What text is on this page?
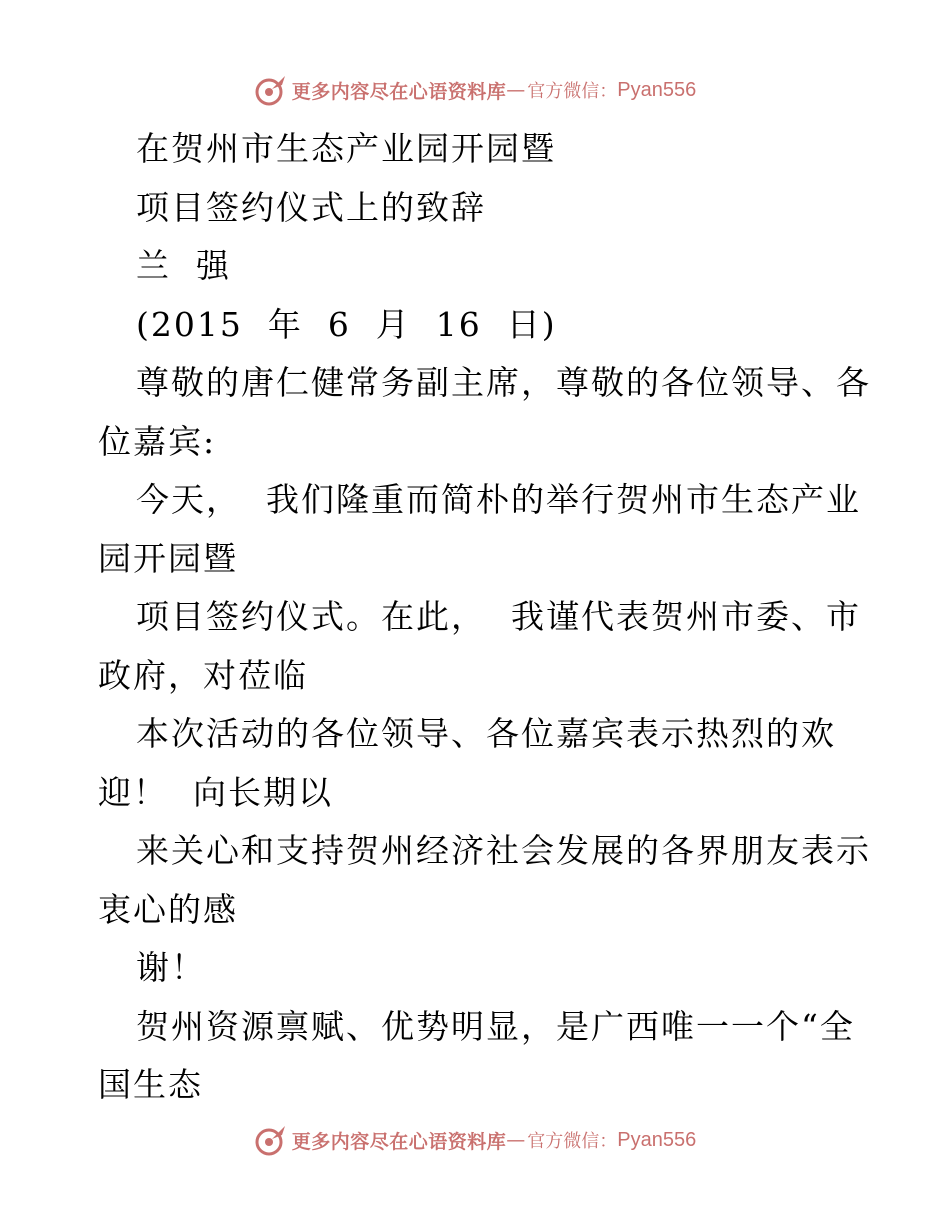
更多内容尽在心语资料库 — 官方微信： Pyan556
在贺州市生态产业园开园暨
项目签约仪式上的致辞
兰  强
(2015  年  6  月  16  日)
尊敬的唐仁健常务副主席，尊敬的各位领导、各
位嘉宾:
今天，  我们隆重而简朴的举行贺州市生态产业
园开园暨
项目签约仪式。在此，  我谨代表贺州市委、市
政府，对莅临
本次活动的各位领导、各位嘉宾表示热烈的欢
迎！  向长期以
来关心和支持贺州经济社会发展的各界朋友表示
衷心的感
谢！
贺州资源禀赋、优势明显，是广西唯一一个“全
国生态
更多内容尽在心语资料库 — 官方微信： Pyan556
